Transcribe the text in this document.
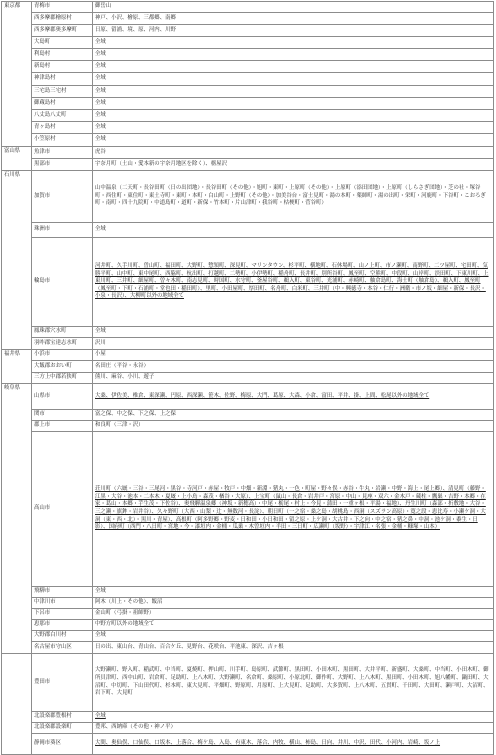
東京都	青梅市	御岳山
	西多摩郡檜原村	神戸、小沢、檜原、三都郷、南郷
	西多摩郡奥多摩町	日原、留浦、境、原、河内、川野
	大島町	全域
	利島村	全域
	新島村	全域
	神津島村	全域
	三宅島三宅村	全域
	御蔵島村	全域
	八丈島八丈町	全域
	青ヶ島村	全域
	小笠原村	全域
富山県	魚津市	虎谷
	黒部市	宇奈月町（土山・愛本新の宇奈月地区を除く）、栃屋沢
石川県	加賀市	山中温泉（二天町・長谷田町（日の出団地）・長谷田町（その他）・旭町・東町・上原町（その他）・上原町（添田団地）・上原町（しらさぎ団地）・芝の社・塚谷町・西住町・東住町・東土寺町・東町・本町・白山町・上野町（その他）・加美谷台・富士見町・湯の本町・薬師町・湯の出町・栄町・河鹿町・下谷町・こおろぎ町・南町・四十九院町・中道島町・道町・新保・竹本町・片山津町・我谷町・枯梗町・菅谷町）
	珠洲市	全域
	輪島市	河井町、久手川町、曽山町、福田町、大野町、惣領町、深見町、マリンタウン、杉平町、横地町、石休場町、山ノ上町、市ノ瀬町、南野町、二ツ屋町、宅田町、気勝平町、山中町、東中尾町、西脇町、杭出町、打越町、二勢町、小伊勢町、稲舟町、長井町、別所谷町、鳳至町、空熊町、中段町、山岸町、渋田町、下東川町、上東川町、三井町、細屋町、曽々木町、南志見町、時国町、水守町、釜屋谷町、鵜入町、東谷町、光浦町、赤崎町、舳倉島町、海士町（舳倉島）、鵜入町、鳳至町（鳳至町・下町・石浦町・堂也田・稲田町）、里町、小田屋町、厚田町、名舟町、白米町、三井町（中・興徳寺・本谷・仁行・洲衛・市ノ坂・細屋・新保・長沢・小泉・長沢）、大柳町以外の地域全て
	鳳珠郡穴水町	全域
	羽咋郡宝達志水町	沢川
福井県	小浜市	小屋
	大飯郡おおい町	名田庄（平谷・永谷）
	三方上中郡若狭町	熊川、麻谷、小川、遊子
岐阜県	山県市	大桑、伊佐美、椎倉、東深瀬、円原、西深瀬、笹木、佐野、梅原、大門、葛原、大森、小倉、富田、平井、掛、上間、松尾以外の地域全て
	関市	富之保、中之保、下之保、上之保
	郡上市	和良町（三津・沢）
	高山市	荘川町（六厩・三谷・三尾河・黒谷・寺河戸・赤屋・牧戸・中畑・新淵・猪丸・一色・町屋・野々俣・赤谷・牛丸・岩瀬・中野・海上・尾上郷）、清見町（藤野・江黒・大谷・池本・二本木・夏厩・上小鳥・森茂・楢谷・大原）、上宝町（鼠山・長倉・岩井戸・宮原・中山・見座・双六・金木戸・蔵柱・鷹巣・吉野・本郷・在家・葛山・本郷・芋生茂・下佐谷）、奥飛騨温泉郷（神坂・新穂高）・中尾・栃尾・村上・今見・蒲田・一重ヶ根・平湯・福地）、丹生川町（森部・折敷地・大谷・三之瀬・旗鉾・岩井谷）、久々野町（大西・山梨・辻・無数河・長淀）、朝日町（一之宿・桑之島・胡桃島・西洞（スズラン高原）・寛之段・恵比寿・小瀬ケ洞・大洞（東・西・北）・黒川・青屋）、高根町（阿多野郷・野麦・日和田・小日和田・留之原・上ケ洞・大古井・下之向・中之宿・猪之鼻・中洞・池ケ洞・黍生・日影）、国府町（西門・八日町・宮地・今・漆垣内・金桶・瓜巣・木曽垣内・半田・三日町・広瀬町（坂野）・宇津江・名張・金桶・糠塚・山本）
	飛騨市	全域
	中津川市	阿木（川上・その他）、飯沼
	下呂市	金山町（弓掛・祖師野）
	恵那市	中野方町以外の地域全て
	大野郡白川村	全域
	名古屋市守山区	日の出、東山台、青山台、百合ケ丘、見野台、花咲台、平池東、深沢、吉ヶ根
	豊田市	大野瀬町、野入町、稲武町、中当町、夏焼町、押山町、川手町、島原町、武節町、黒田町、小田木町、黒田町、大井平町、新盛町、大桑町、中当町、小田木町、御所貝津町、西中山町、岩倉町、足助町、上八木町、大野瀬町、名倉町、桑原町、小原北町、御作町、大野町、上八木町、黒田町、小田木町、旭八幡町、鍋田町、大沼町、中切町、下山田代町、杉本町、東大見町、平畑町、野原町、月原町、上大見町、足助町、大多賀町、上八木町、五貫町、千田町、大田町、瀬戸町、大沼町、岩下町、大見町
	北設楽郡豊根村	全域
	北設楽郡設楽町	豊邦、西納庫（その他・神ノ平）
	静岡市葵区	大間、奥仙俣、口仙俣、口坂本、上落合、梅ケ島、入島、有東木、落合、内牧、横山、柿島、日向、井川、中沢、田代、小河内、岩崎、坂ノ上
